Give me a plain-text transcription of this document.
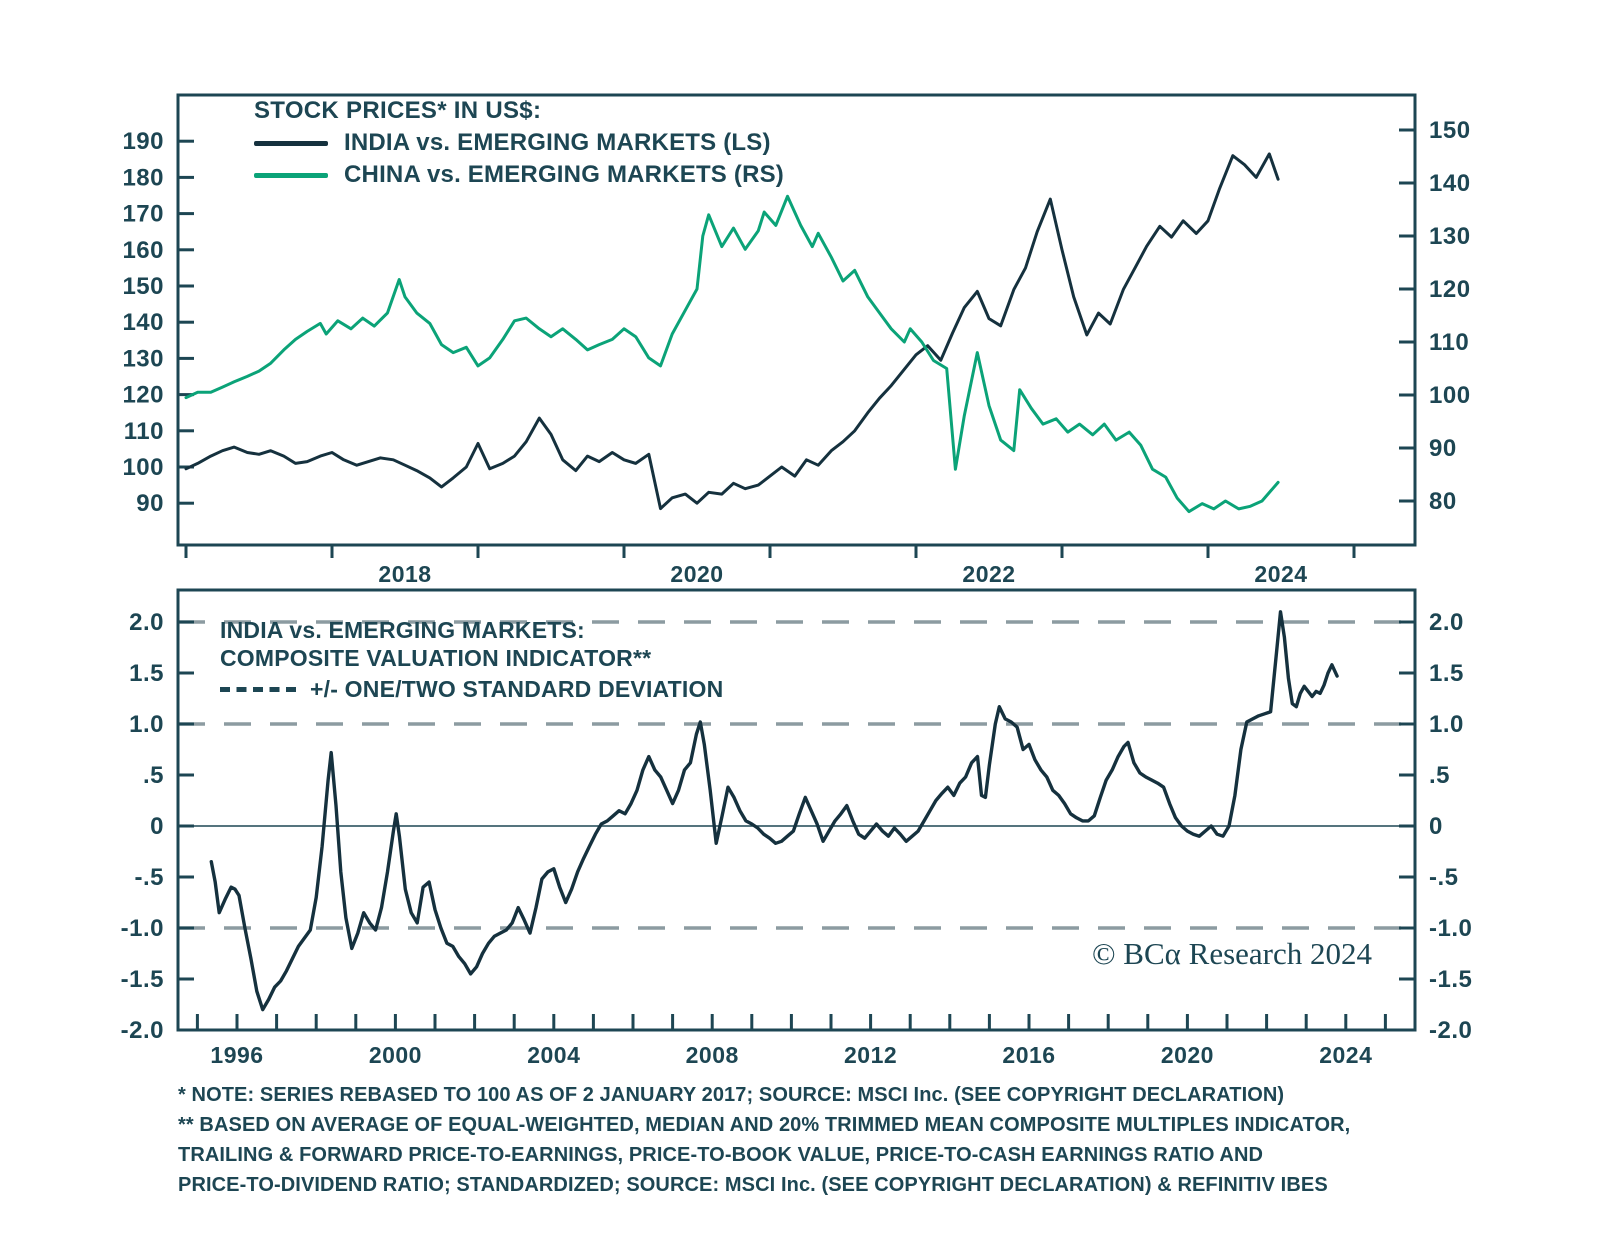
190
180
170
160
150
140
130
120
110
100
90
150
140
130
120
110
100
90
80
2018	2020	2022	2024
2.0
1.5
1.0
.5
0
-.5
-1.0
-1.5
-2.0
2.0
1.5
1.0
.5
0
-.5
-1.0
-1.5
-2.0
1996	2000	2004	2008	2012	2016	2020	2024
STOCK PRICES* IN US$:
INDIA vs. EMERGING MARKETS (LS)
CHINA vs. EMERGING MARKETS (RS)
INDIA vs. EMERGING MARKETS:
COMPOSITE VALUATION INDICATOR**
+/- ONE/TWO STANDARD DEVIATION
© BCα Research 2024
* NOTE: SERIES REBASED TO 100 AS OF 2 JANUARY 2017; SOURCE: MSCI Inc. (SEE COPYRIGHT DECLARATION)
** BASED ON AVERAGE OF EQUAL-WEIGHTED, MEDIAN AND 20% TRIMMED MEAN COMPOSITE MULTIPLES INDICATOR,
TRAILING & FORWARD PRICE-TO-EARNINGS, PRICE-TO-BOOK VALUE, PRICE-TO-CASH EARNINGS RATIO AND
PRICE-TO-DIVIDEND RATIO; STANDARDIZED; SOURCE: MSCI Inc. (SEE COPYRIGHT DECLARATION) & REFINITIV IBES
